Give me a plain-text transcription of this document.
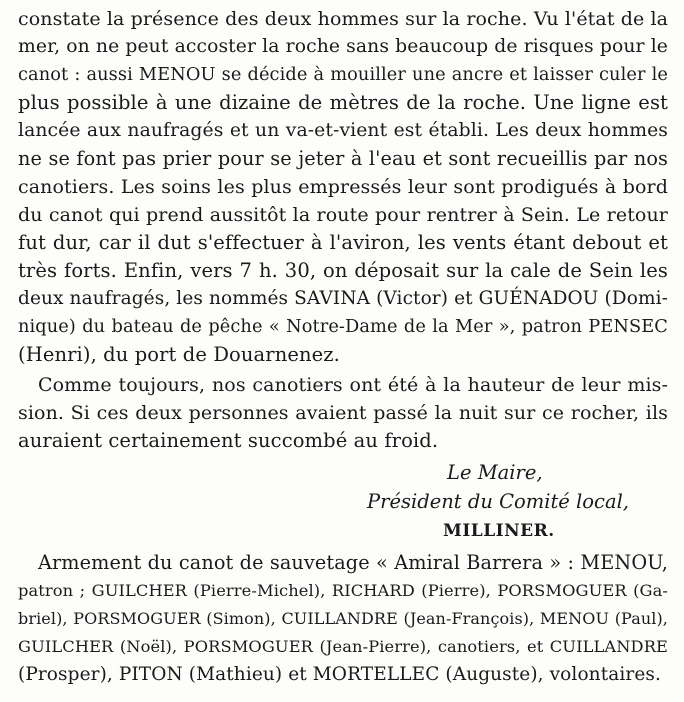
constate la présence des deux hommes sur la roche. Vu l'état de la
mer, on ne peut accoster la roche sans beaucoup de risques pour le
canot : aussi MENOU se décide à mouiller une ancre et laisser culer le
plus possible à une dizaine de mètres de la roche. Une ligne est
lancée aux naufragés et un va-et-vient est établi. Les deux hommes
ne se font pas prier pour se jeter à l'eau et sont recueillis par nos
canotiers. Les soins les plus empressés leur sont prodigués à bord
du canot qui prend aussitôt la route pour rentrer à Sein. Le retour
fut dur, car il dut s'effectuer à l'aviron, les vents étant debout et
très forts. Enfin, vers 7 h. 30, on déposait sur la cale de Sein les
deux naufragés, les nommés SAVINA (Victor) et GUÉNADOU (Domi-
nique) du bateau de pêche « Notre-Dame de la Mer », patron PENSEC
(Henri), du port de Douarnenez.
Comme toujours, nos canotiers ont été à la hauteur de leur mis-
sion. Si ces deux personnes avaient passé la nuit sur ce rocher, ils
auraient certainement succombé au froid.
Le Maire,
Président du Comité local,
MILLINER.
Armement du canot de sauvetage « Amiral Barrera » : MENOU,
patron ; GUILCHER (Pierre-Michel), RICHARD (Pierre), PORSMOGUER (Ga-
briel), PORSMOGUER (Simon), CUILLANDRE (Jean-François), MENOU (Paul),
GUILCHER (Noël), PORSMOGUER (Jean-Pierre), canotiers, et CUILLANDRE
(Prosper), PITON (Mathieu) et MORTELLEC (Auguste), volontaires.
